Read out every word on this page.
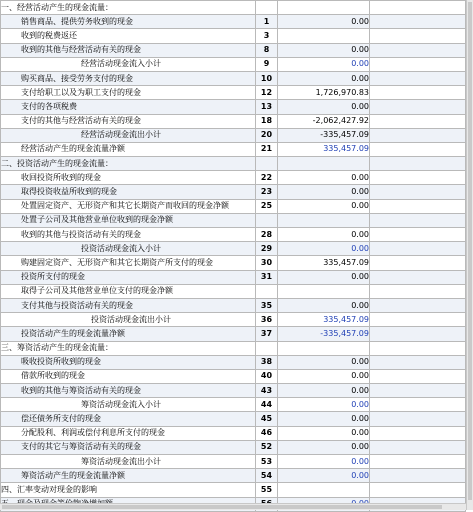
一、经营活动产生的现金流量：			
销售商品、提供劳务收到的现金	1	0.00	
收到的税费返还	3		
收到的其他与经营活动有关的现金	8	0.00	
经营活动现金流入小计	9	0.00	
购买商品、接受劳务支付的现金	10	0.00	
支付给职工以及为职工支付的现金	12	1,726,970.83	
支付的各项税费	13	0.00	
支付的其他与经营活动有关的现金	18	-2,062,427.92	
经营活动现金流出小计	20	-335,457.09	
经营活动产生的现金流量净额	21	335,457.09	
二、投资活动产生的现金流量：			
收回投资所收到的现金	22	0.00	
取得投资收益所收到的现金	23	0.00	
处置固定资产、无形资产和其它长期资产而收回的现金净额	25	0.00	
处置子公司及其他营业单位收到的现金净额			
收到的其他与投资活动有关的现金	28	0.00	
投资活动现金流入小计	29	0.00	
购建固定资产、无形资产和其它长期资产所支付的现金	30	335,457.09	
投资所支付的现金	31	0.00	
取得子公司及其他营业单位支付的现金净额			
支付其他与投资活动有关的现金	35	0.00	
投资活动现金流出小计	36	335,457.09	
投资活动产生的现金流量净额	37	-335,457.09	
三、筹资活动产生的现金流量：			
吸收投资所收到的现金	38	0.00	
借款所收到的现金	40	0.00	
收到的其他与筹资活动有关的现金	43	0.00	
筹资活动现金流入小计	44	0.00	
偿还债务所支付的现金	45	0.00	
分配股利、利润或偿付利息所支付的现金	46	0.00	
支付的其它与筹资活动有关的现金	52	0.00	
筹资活动现金流出小计	53	0.00	
筹资活动产生的现金流量净额	54	0.00	
四、汇率变动对现金的影响	55		
